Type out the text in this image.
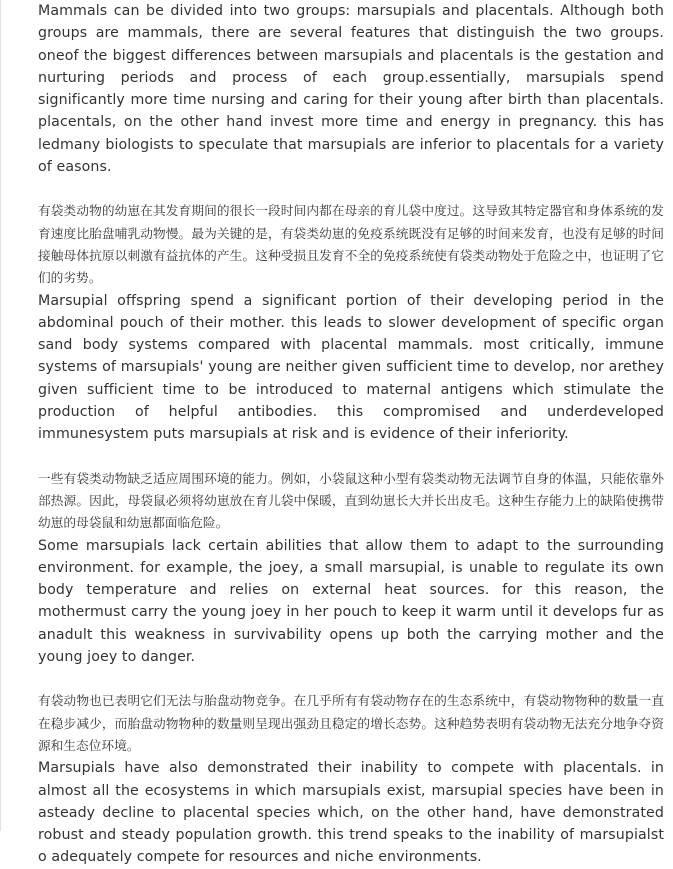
Mammals can be divided into two groups: marsupials and placentals. Although both groups are mammals, there are several features that distinguish the two groups. oneof the biggest differences between marsupials and placentals is the gestation and nurturing periods and process of each group.essentially, marsupials spend significantly more time nursing and caring for their young after birth than placentals. placentals, on the other hand invest more time and energy in pregnancy. this has ledmany biologists to speculate that marsupials are inferior to placentals for a variety of easons.

有袋类动物的幼崽在其发育期间的很长一段时间内都在母亲的育儿袋中度过。这导致其特定器官和身体系统的发育速度比胎盘哺乳动物慢。最为关键的是，有袋类幼崽的免疫系统既没有足够的时间来发育，也没有足够的时间接触母体抗原以刺激有益抗体的产生。这种受损且发育不全的免疫系统使有袋类动物处于危险之中，也证明了它们的劣势。

Marsupial offspring spend a significant portion of their developing period in the abdominal pouch of their mother. this leads to slower development of specific organ sand body systems compared with placental mammals. most critically, immune systems of marsupials' young are neither given sufficient time to develop, nor arethey given sufficient time to be introduced to maternal antigens which stimulate the production of helpful antibodies. this compromised and underdeveloped immunesystem puts marsupials at risk and is evidence of their inferiority.

一些有袋类动物缺乏适应周围环境的能力。例如，小袋鼠这种小型有袋类动物无法调节自身的体温，只能依靠外部热源。因此，母袋鼠必须将幼崽放在育儿袋中保暖，直到幼崽长大并长出皮毛。这种生存能力上的缺陷使携带幼崽的母袋鼠和幼崽都面临危险。

Some marsupials lack certain abilities that allow them to adapt to the surrounding environment. for example, the joey, a small marsupial, is unable to regulate its own body temperature and relies on external heat sources. for this reason, the mothermust carry the young joey in her pouch to keep it warm until it develops fur as anadult this weakness in survivability opens up both the carrying mother and the young joey to danger.

有袋动物也已表明它们无法与胎盘动物竞争。在几乎所有有袋动物存在的生态系统中，有袋动物物种的数量一直在稳步减少，而胎盘动物物种的数量则呈现出强劲且稳定的增长态势。这种趋势表明有袋动物无法充分地争夺资源和生态位环境。

Marsupials have also demonstrated their inability to compete with placentals. in almost all the ecosystems in which marsupials exist, marsupial species have been in asteady decline to placental species which, on the other hand, have demonstrated robust and steady population growth. this trend speaks to the inability of marsupialst o adequately compete for resources and niche environments.
